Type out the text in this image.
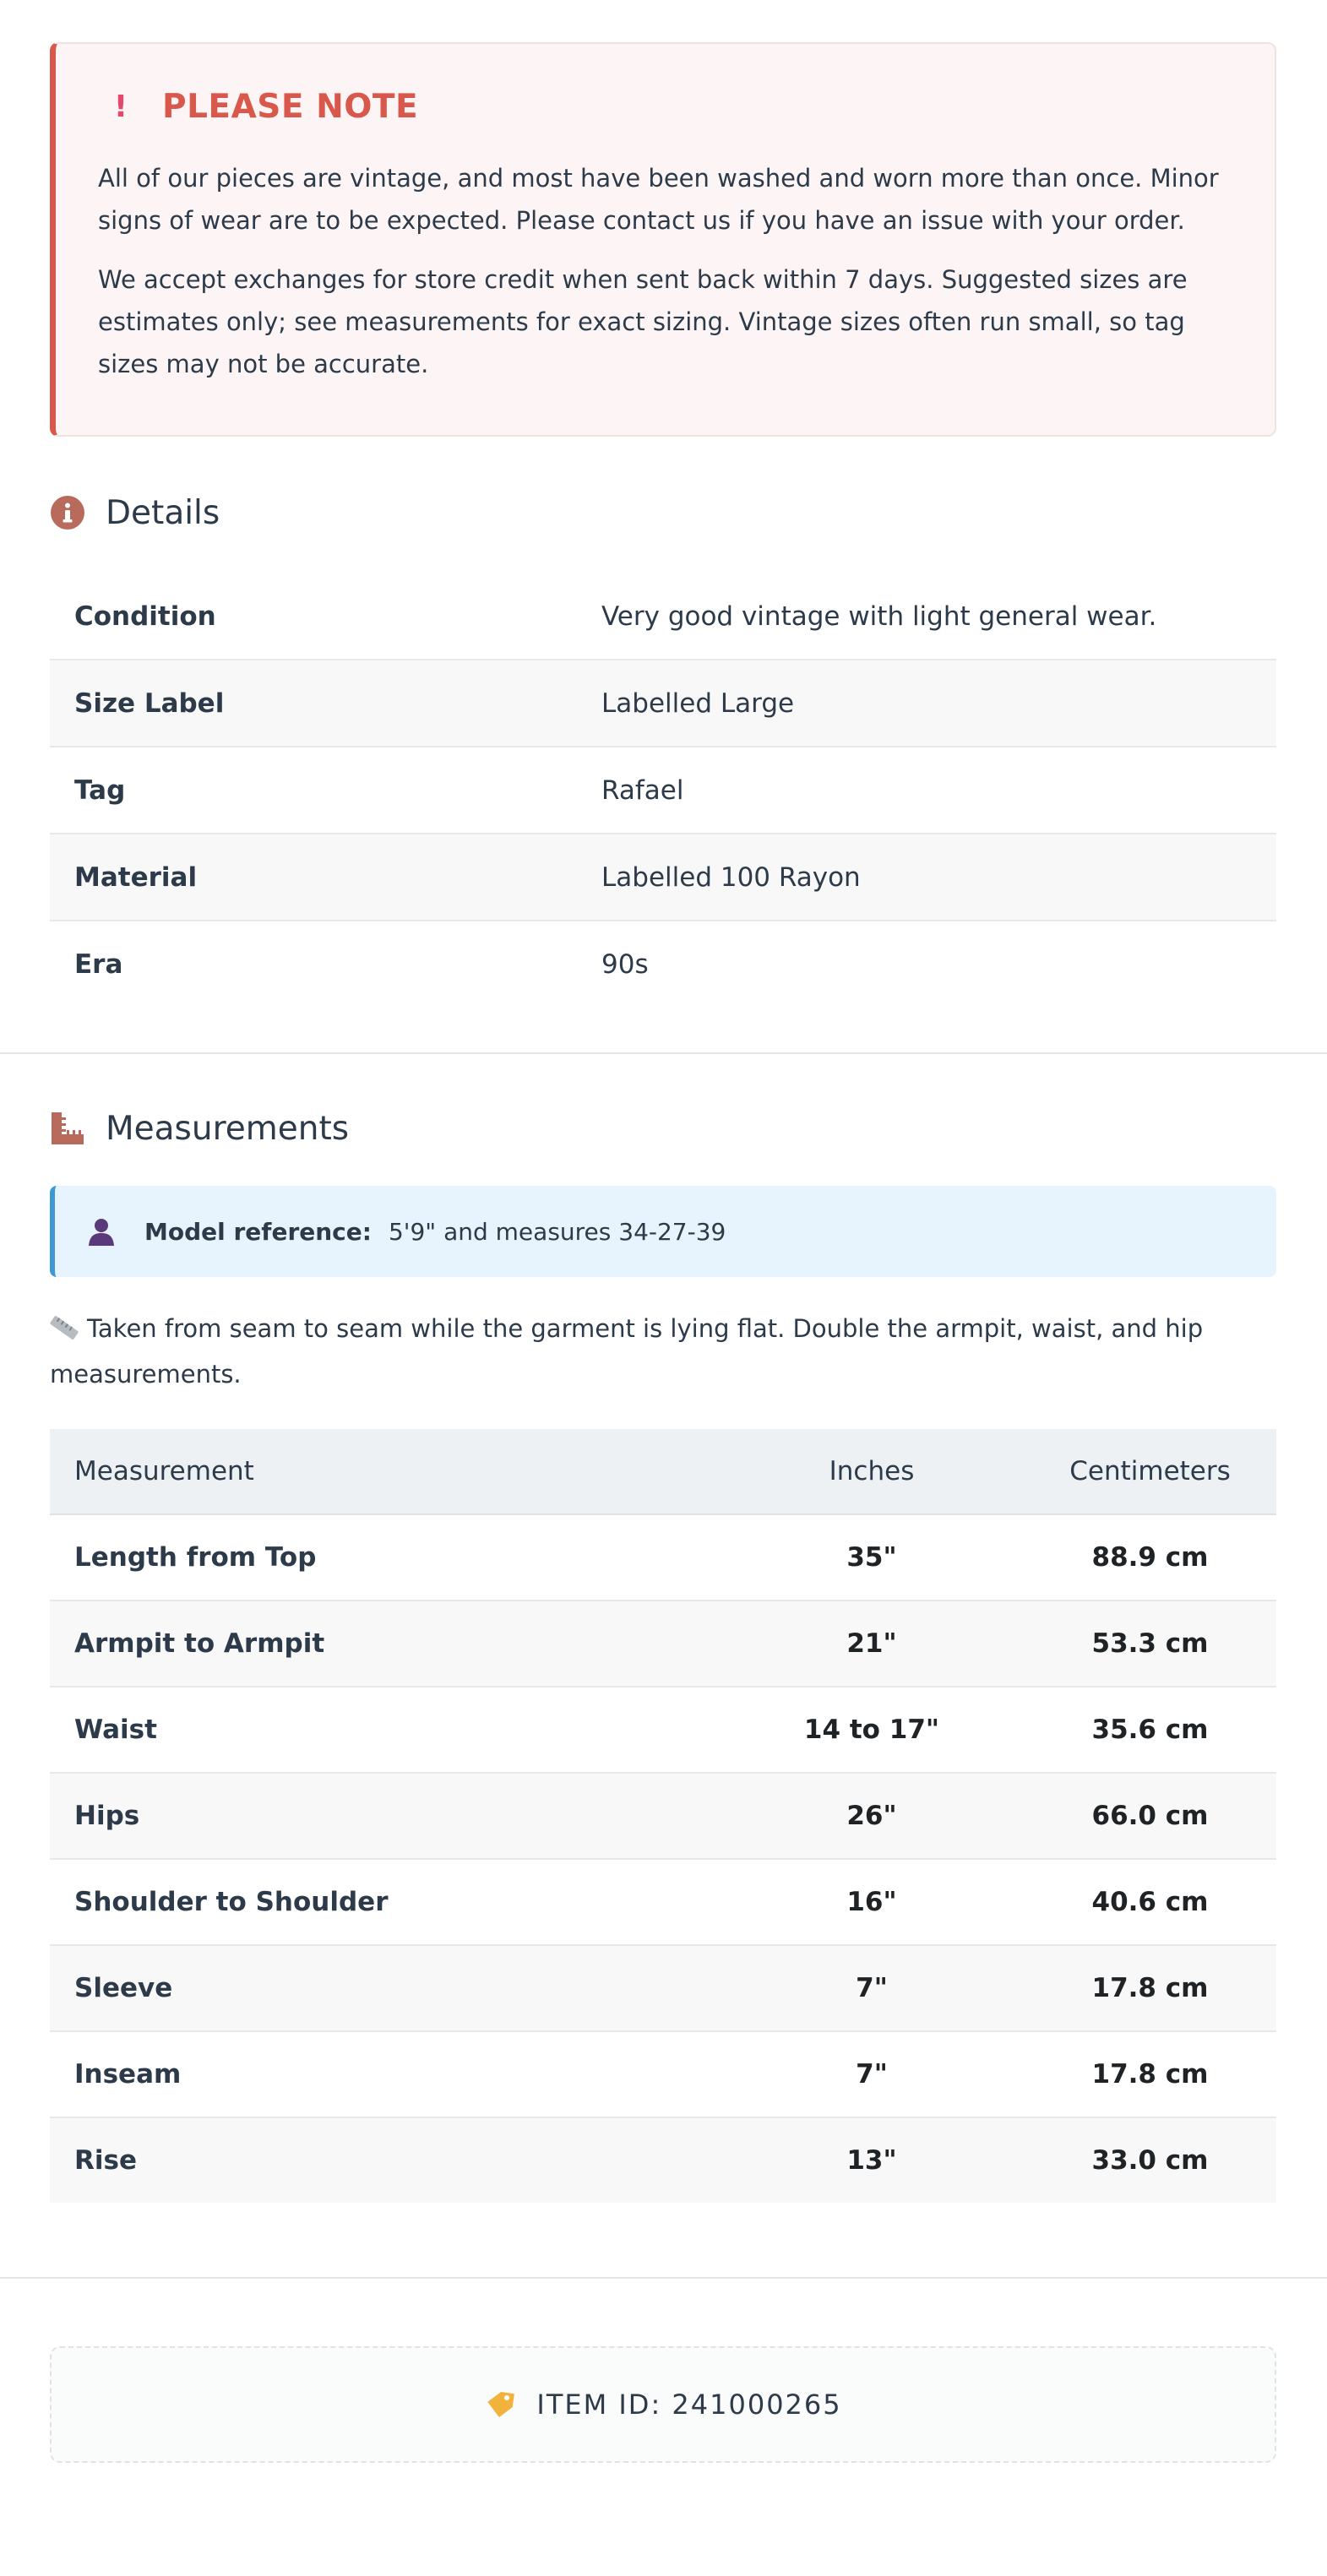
! PLEASE NOTE

All of our pieces are vintage, and most have been washed and worn more than once. Minor signs of wear are to be expected. Please contact us if you have an issue with your order.

We accept exchanges for store credit when sent back within 7 days. Suggested sizes are estimates only; see measurements for exact sizing. Vintage sizes often run small, so tag sizes may not be accurate.

Details
Condition	Very good vintage with light general wear.
Size Label	Labelled Large
Tag	Rafael
Material	Labelled 100 Rayon
Era	90s
Measurements
Model reference: 5'9" and measures 34-27-39
Taken from seam to seam while the garment is lying flat. Double the armpit, waist, and hip measurements.
Measurement	Inches	Centimeters
Length from Top	35"	88.9 cm
Armpit to Armpit	21"	53.3 cm
Waist	14 to 17"	35.6 cm
Hips	26"	66.0 cm
Shoulder to Shoulder	16"	40.6 cm
Sleeve	7"	17.8 cm
Inseam	7"	17.8 cm
Rise	13"	33.0 cm
ITEM ID: 241000265
